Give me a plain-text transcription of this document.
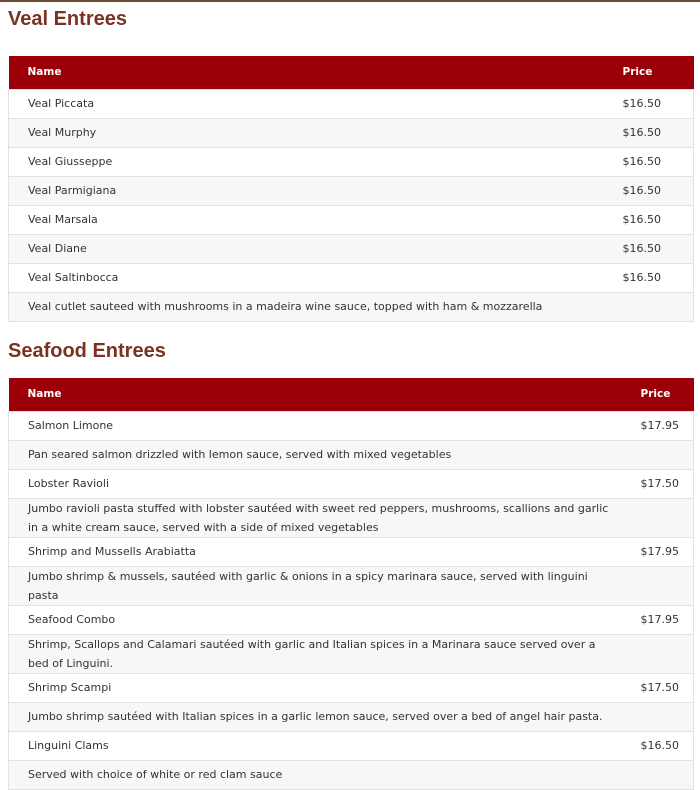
Veal Entrees
Name	Price
Veal Piccata	$16.50
Veal Murphy	$16.50
Veal Giusseppe	$16.50
Veal Parmigiana	$16.50
Veal Marsala	$16.50
Veal Diane	$16.50
Veal Saltinbocca	$16.50
Veal cutlet sauteed with mushrooms in a madeira wine sauce, topped with ham & mozzarella	
Seafood Entrees
Name	Price
Salmon Limone	$17.95
Pan seared salmon drizzled with lemon sauce, served with mixed vegetables	
Lobster Ravioli	$17.50
Jumbo ravioli pasta stuffed with lobster sautéed with sweet red peppers, mushrooms, scallions and garlic in a white cream sauce, served with a side of mixed vegetables	
Shrimp and Mussells Arabiatta	$17.95
Jumbo shrimp & mussels, sautéed with garlic & onions in a spicy marinara sauce, served with linguini pasta	
Seafood Combo	$17.95
Shrimp, Scallops and Calamari sautéed with garlic and Italian spices in a Marinara sauce served over a bed of Linguini.	
Shrimp Scampi	$17.50
Jumbo shrimp sautéed with Italian spices in a garlic lemon sauce, served over a bed of angel hair pasta.	
Linguini Clams	$16.50
Served with choice of white or red clam sauce	
